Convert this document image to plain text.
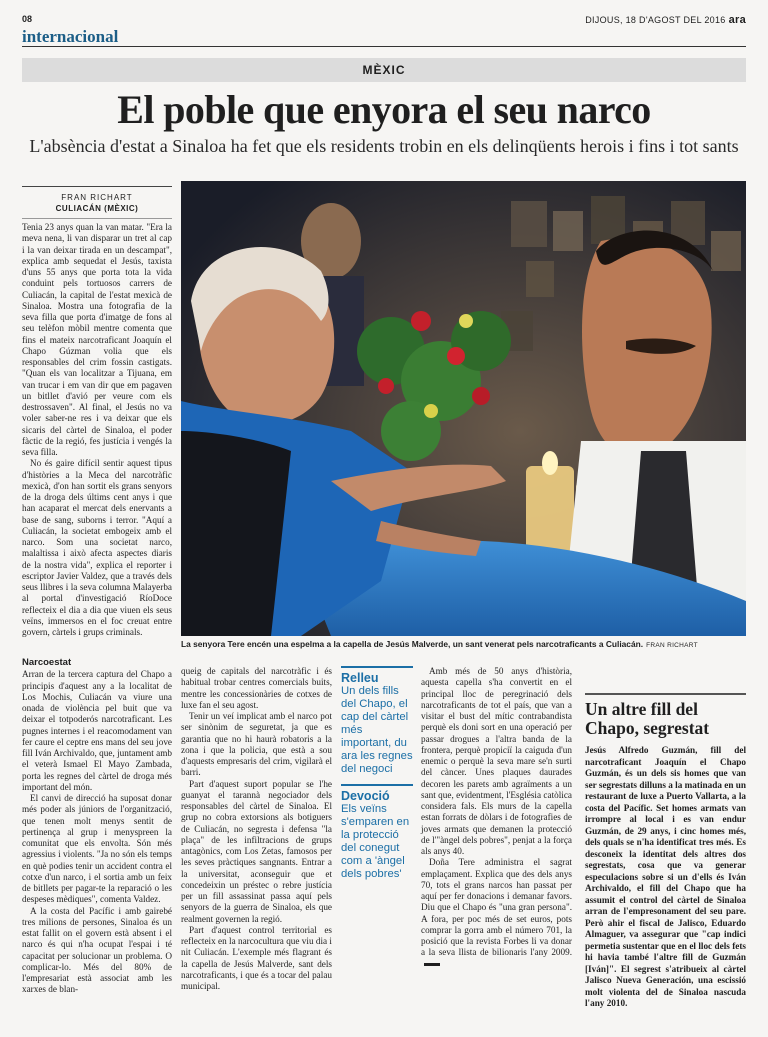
08	DIJOUS, 18 D'AGOST DEL 2016 ara
internacional
MÈXIC
El poble que enyora el seu narco
L'absència d'estat a Sinaloa ha fet que els residents trobin en els delinqüents herois i fins i tot sants
FRAN RICHART
CULIACÁN (MÈXIC)

Tenia 23 anys quan la van matar. "Era la meva nena, li van disparar un tret al cap i la van deixar tirada en un descampat", explica amb sequedat el Jesús, taxista d'uns 55 anys que porta tota la vida conduint pels tortuosos carrers de Culiacán, la capital de l'estat mexicà de Sinaloa. Mostra una fotografia de la seva filla que porta d'imatge de fons al seu telèfon mòbil mentre comenta que fins el mateix narcotraficant Joaquín el Chapo Gúzman volia que els responsables del crim fossin castigats. "Quan els van localitzar a Tijuana, em van trucar i em van dir que em pagaven un bitllet d'avió per veure com els destrossaven". Al final, el Jesús no va voler saber-ne res i va deixar que els sicaris del càrtel de Sinaloa, el poder fàctic de la regió, fes justícia i vengés la seva filla.

No és gaire difícil sentir aquest tipus d'històries a la Meca del narcotràfic mexicà, d'on han sortit els grans senyors de la droga dels últims cent anys i que han acaparat el mercat dels enervants a base de sang, suborns i terror. "Aquí a Culiacán, la societat embogeix amb el narco. Som una societat narco, malaltissa i això afecta aspectes diaris de la nostra vida", explica el reporter i escriptor Javier Valdez, que a través dels seus llibres i la seva columna Malayerba al portal d'investigació RíoDoce reflecteix el dia a dia que viuen els seus veïns, immersos en el foc creuat entre govern, càrtels i grups criminals.

La senyora Tere encén una espelma a la capella de Jesús Malverde, un sant venerat pels narcotraficants a Culiacán. FRAN RICHART
Narcoestat

Arran de la tercera captura del Chapo a principis d'aquest any a la localitat de Los Mochis, Culiacán va viure una onada de violència pel buit que va deixar el totpoderós narcotraficant. Les pugnes internes i el reacomodament van fer caure el ceptre ens mans del seu jove fill Iván Archivaldo, que, juntament amb el veterà Ismael El Mayo Zambada, porta les regnes del càrtel de droga més important del món.

El canvi de direcció ha suposat donar més poder als júniors de l'organització, que tenen molt menys sentit de pertinença al grup i menyspreen la comunitat que els envolta. Són més agressius i violents. "Ja no són els temps en què podies tenir un accident contra el cotxe d'un narco, i el sortia amb un feix de bitllets per pagar-te la reparació o les despeses mèdiques", comenta Valdez.

A la costa del Pacífic i amb gairebé tres milions de persones, Sinaloa és un estat fallit on el govern està absent i el narco és qui n'ha ocupat l'espai i té capacitat per solucionar un problema. O complicar-lo. Més del 80% de l'empresariat està associat amb les xarxes de blan-

queig de capitals del narcotràfic i és habitual trobar centres comercials buits, mentre les concessionàries de cotxes de luxe fan el seu agost.

Tenir un veí implicat amb el narco pot ser sinònim de seguretat, ja que es garantia que no hi haurà robatoris a la zona i que la policia, que està a sou d'aquests empresaris del crim, vigilarà el barri.

Part d'aquest suport popular se l'he guanyat el tarannà negociador dels responsables del càrtel de Sinaloa. El grup no cobra extorsions als botiguers de Culiacán, no segresta i defensa "la plaça" de les infiltracions de grups antagònics, com Los Zetas, famosos per les seves pràctiques sangnants. Entrar a la universitat, aconseguir que et concedeixin un préstec o rebre justícia per un fill assassinat passa aquí pels senyors de la guerra de Sinaloa, els que realment governen la regió.

Part d'aquest control territorial es reflecteix en la narcocultura que viu dia i nit Culiacán. L'exemple més flagrant és la capella de Jesús Malverde, sant dels narcotraficants, i que és a tocar del palau municipal.

Relleu
Un dels fills del Chapo, el cap del càrtel més important, du ara les regnes del negoci
Devoció
Els veïns s'emparen en la protecció del conegut com a 'àngel dels pobres'

Amb més de 50 anys d'història, aquesta capella s'ha convertit en el principal lloc de peregrinació dels narcotraficants de tot el país, que van a visitar el bust del mític contrabandista perquè els doni sort en una operació per passar drogues a l'altra banda de la frontera, perquè propiciï la caiguda d'un enemic o perquè la seva mare se'n surti del càncer. Unes plaques daurades decoren les parets amb agraïments a un sant que, evidentment, l'Església catòlica considera fals. Els murs de la capella estan forrats de dòlars i de fotografies de joves armats que demanen la protecció de l'"àngel dels pobres", penjat a la força als anys 40.

Doña Tere administra el sagrat emplaçament. Explica que des dels anys 70, tots el grans narcos han passat per aquí per fer donacions i demanar favors. Diu que el Chapo és "una gran persona". A fora, per poc més de set euros, pots comprar la gorra amb el número 701, la posició que la revista Forbes li va donar a la seva llista de bilionaris l'any 2009.

Un altre fill del Chapo, segrestat
Jesús Alfredo Guzmán, fill del narcotraficant Joaquín el Chapo Guzmán, és un dels sis homes que van ser segrestats dilluns a la matinada en un restaurant de luxe a Puerto Vallarta, a la costa del Pacífic. Set homes armats van irrompre al local i es van endur Guzmán, de 29 anys, i cinc homes més, dels quals se n'ha identificat tres més. Es desconeix la identitat dels altres dos segrestats, cosa que va generar especulacions sobre si un d'ells és Iván Archivaldo, el fill del Chapo que ha assumit el control del càrtel de Sinaloa arran de l'empresonament del seu pare. Però ahir el fiscal de Jalisco, Eduardo Almaguer, va assegurar que "cap indici permetia sustentar que en el lloc dels fets hi havia també l'altre fill de Guzmán [Iván]". El segrest s'atribueix al càrtel Jalisco Nueva Generación, una escissió molt violenta del de Sinaloa nascuda l'any 2010.
